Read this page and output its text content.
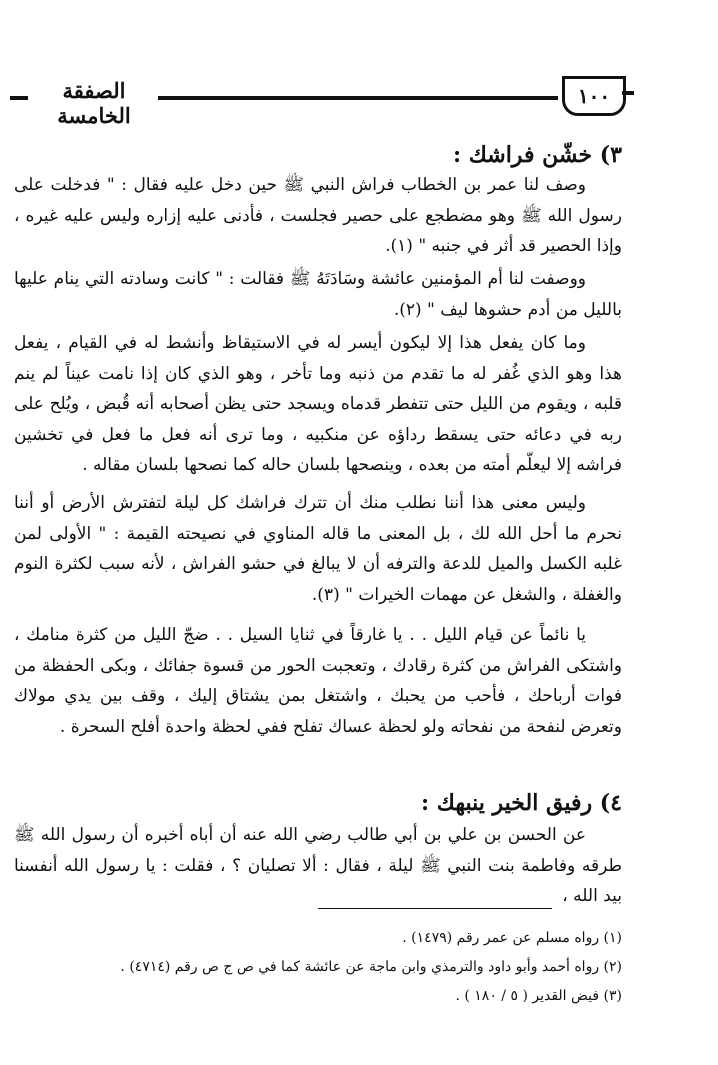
الصفقة الخامسة
١٠٠
٣) خشّن فراشك :
وصف لنا عمر بن الخطاب فراش النبي ﷺ حين دخل عليه فقال : " فدخلت على رسول الله ﷺ وهو مضطجع على حصير فجلست ، فأدنى عليه إزاره وليس عليه غيره ، وإذا الحصير قد أثر في جنبه " (١).
ووصفت لنا أم المؤمنين عائشة وسَادَتَهُ ﷺ فقالت : " كانت وسادته التي ينام عليها بالليل من أدم حشوها ليف " (٢).
وما كان يفعل هذا إلا ليكون أيسر له في الاستيقاظ وأنشط له في القيام ، يفعل هذا وهو الذي غُفر له ما تقدم من ذنبه وما تأخر ، وهو الذي كان إذا نامت عيناً لم ينم قلبه ، ويقوم من الليل حتى تتفطر قدماه ويسجد حتى يظن أصحابه أنه قُبض ، ويُلح على ربه في دعائه حتى يسقط رداؤه عن منكبيه ، وما ترى أنه فعل ما فعل في تخشين فراشه إلا ليعلّم أمته من بعده ، وينصحها بلسان حاله كما نصحها بلسان مقاله .
وليس معنى هذا أننا نطلب منك أن تترك فراشك كل ليلة لتفترش الأرض أو أننا نحرم ما أحل الله لك ، بل المعنى ما قاله المناوي في نصيحته القيمة : " الأولى لمن غلبه الكسل والميل للدعة والترفه أن لا يبالغ في حشو الفراش ، لأنه سبب لكثرة النوم والغفلة ، والشغل عن مهمات الخيرات " (٣).
يا نائماً عن قيام الليل . . يا غارقاً في ثنايا السيل . . ضجّ الليل من كثرة منامك ، واشتكى الفراش من كثرة رقادك ، وتعجبت الحور من قسوة جفائك ، وبكى الحفظة من فوات أرباحك ، فأحب من يحبك ، واشتغل بمن يشتاق إليك ، وقف بين يدي مولاك وتعرض لنفحة من نفحاته ولو لحظة عساك تفلح ففي لحظة واحدة أفلح السحرة .
٤) رفيق الخير ينبهك :
عن الحسن بن علي بن أبي طالب رضي الله عنه أن أباه أخبره أن رسول الله ﷺ طرقه وفاطمة بنت النبي ﷺ ليلة ، فقال : ألا تصليان ؟ ، فقلت : يا رسول الله أنفسنا بيد الله ،
(١) رواه مسلم عن عمر رقم (١٤٧٩) .
(٢) رواه أحمد وأبو داود والترمذي وابن ماجة عن عائشة كما في ص ج ص رقم (٤٧١٤) .
(٣) فيض القدير ( ٥ / ١٨٠ ) .
